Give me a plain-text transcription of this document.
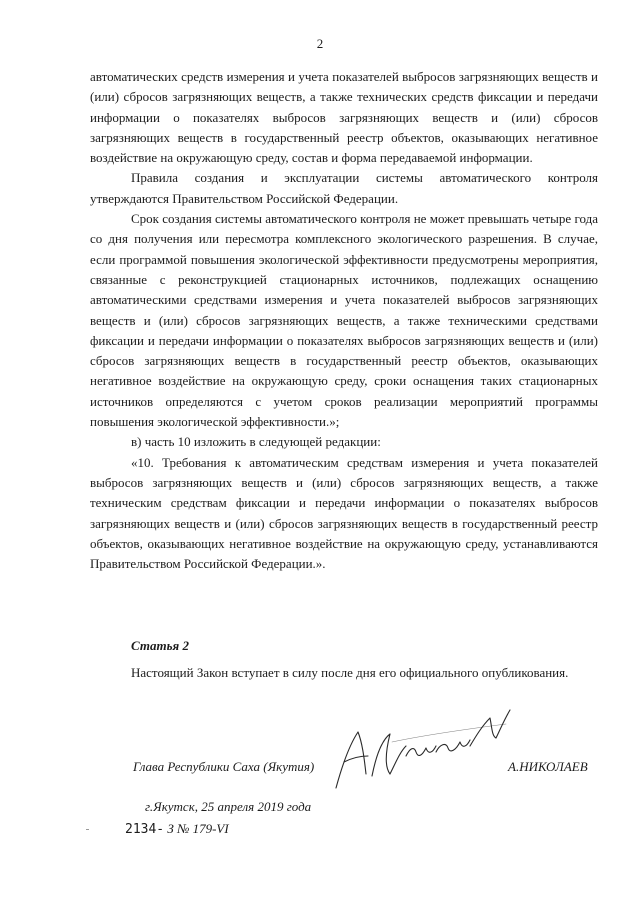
2

автоматических средств измерения и учета показателей выбросов загрязняющих веществ и (или) сбросов загрязняющих веществ, а также технических средств фиксации и передачи информации о показателях выбросов загрязняющих веществ и (или) сбросов загрязняющих веществ в государственный реестр объектов, оказывающих негативное воздействие на окружающую среду, состав и форма передаваемой информации.

Правила создания и эксплуатации системы автоматического контроля утверждаются Правительством Российской Федерации.

Срок создания системы автоматического контроля не может превышать четыре года со дня получения или пересмотра комплексного экологического разрешения. В случае, если программой повышения экологической эффективности предусмотрены мероприятия, связанные с реконструкцией стационарных источников, подлежащих оснащению автоматическими средствами измерения и учета показателей выбросов загрязняющих веществ и (или) сбросов загрязняющих веществ, а также техническими средствами фиксации и передачи информации о показателях выбросов загрязняющих веществ и (или) сбросов загрязняющих веществ в государственный реестр объектов, оказывающих негативное воздействие на окружающую среду, сроки оснащения таких стационарных источников определяются с учетом сроков реализации мероприятий программы повышения экологической эффективности.»;

в) часть 10 изложить в следующей редакции:

«10. Требования к автоматическим средствам измерения и учета показателей выбросов загрязняющих веществ и (или) сбросов загрязняющих веществ, а также техническим средствам фиксации и передачи информации о показателях выбросов загрязняющих веществ и (или) сбросов загрязняющих веществ в государственный реестр объектов, оказывающих негативное воздействие на окружающую среду, устанавливаются Правительством Российской Федерации.».

Статья 2
Настоящий Закон вступает в силу после дня его официального опубликования.
Глава Республики Саха (Якутия)	А.НИКОЛАЕВ
г.Якутск, 25 апреля 2019 года
2134- З № 179-VI
